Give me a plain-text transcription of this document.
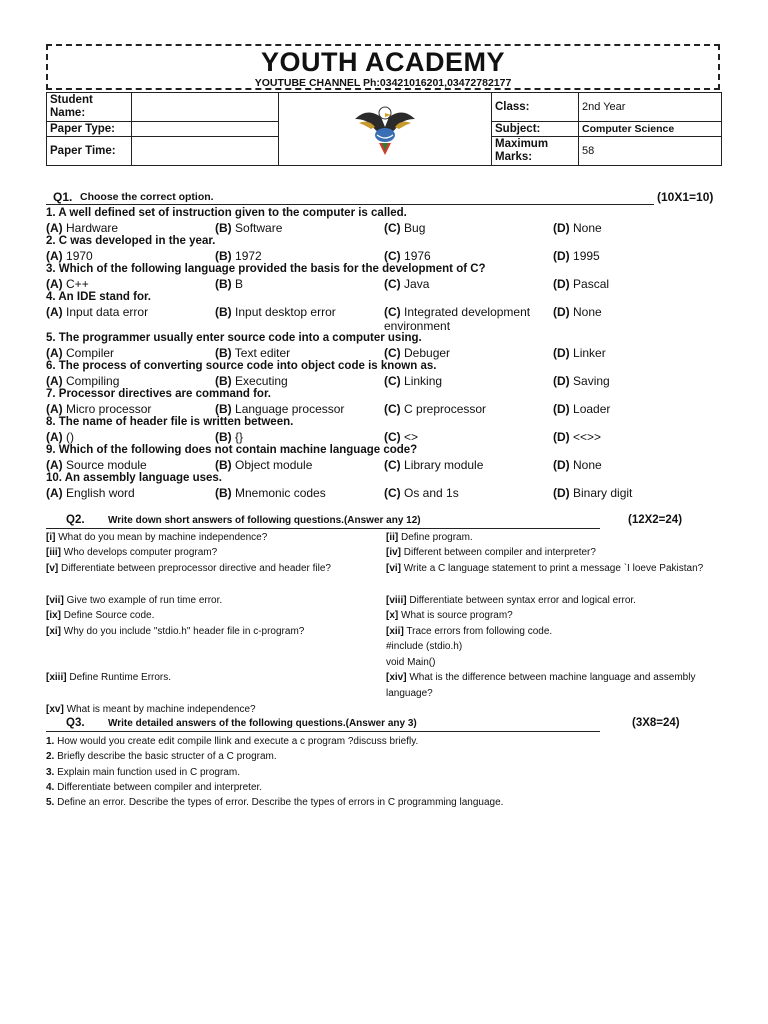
YOUTH ACADEMY
YOUTUBE CHANNEL Ph:03421016201,03472782177
Student Name:			Class:	2nd Year
Paper Type:			Subject:	Computer Science
Paper Time:			Maximum Marks:	58
Q1. Choose the correct option.	(10X1=10)
1. A well defined set of instruction given to the computer is called.
(A) Hardware	(B) Software	(C) Bug	(D) None
2. C was developed in the year.
(A) 1970	(B) 1972	(C) 1976	(D) 1995
3. Which of the following language provided the basis for the development of C?
(A) C++	(B) B	(C) Java	(D) Pascal
4. An IDE stand for.
(A) Input data error	(B) Input desktop error	(C) Integrated development environment
(D) None
5. The programmer usually enter source code into a computer using.
(A) Compiler	(B) Text editer	(C) Debuger	(D) Linker
6. The process of converting source code into object code is known as.
(A) Compiling	(B) Executing	(C) Linking	(D) Saving
7. Processor directives are command for.
(A) Micro processor	(B) Language processor	(C) C preprocessor	(D) Loader
8. The name of header file is written between.
(A) ()	(B) {}	(C) <>	(D) <<>>
9. Which of the following does not contain machine language code?
(A) Source module	(B) Object module	(C) Library module	(D) None
10. An assembly language uses.
(A) English word	(B) Mnemonic codes	(C) Os and 1s	(D) Binary digit
Q2. Write down short answers of following questions.(Answer any 12)	(12X2=24)
[i] What do you mean by machine independence?	[ii] Define program.
[iii] Who develops computer program?	[iv] Different between compiler and interpreter?
[v] Differentiate between preprocessor directive and header file?	[vi] Write a C language statement to print a message `I loeve Pakistan?
[vii] Give two example of run time error.	[viii] Differentiate between syntax error and logical error.
[ix] Define Source code.	[x] What is source program?
[xi] Why do you include "stdio.h" header file in c-program?	[xii] Trace errors from following code.
#include (stdio.h)
void Main()
[xiii] Define Runtime Errors.	[xiv] What is the difference between machine language and assembly language?
[xv] What is meant by machine independence?
Q3. Write detailed answers of the following questions.(Answer any 3)	(3X8=24)
1. How would you create edit compile llink and execute a c program ?discuss briefly.
2. Briefly describe the basic structer of a C program.
3. Explain main function used in C program.
4. Differentiate between compiler and interpreter.
5. Define an error. Describe the types of error. Describe the types of errors in C programming language.
